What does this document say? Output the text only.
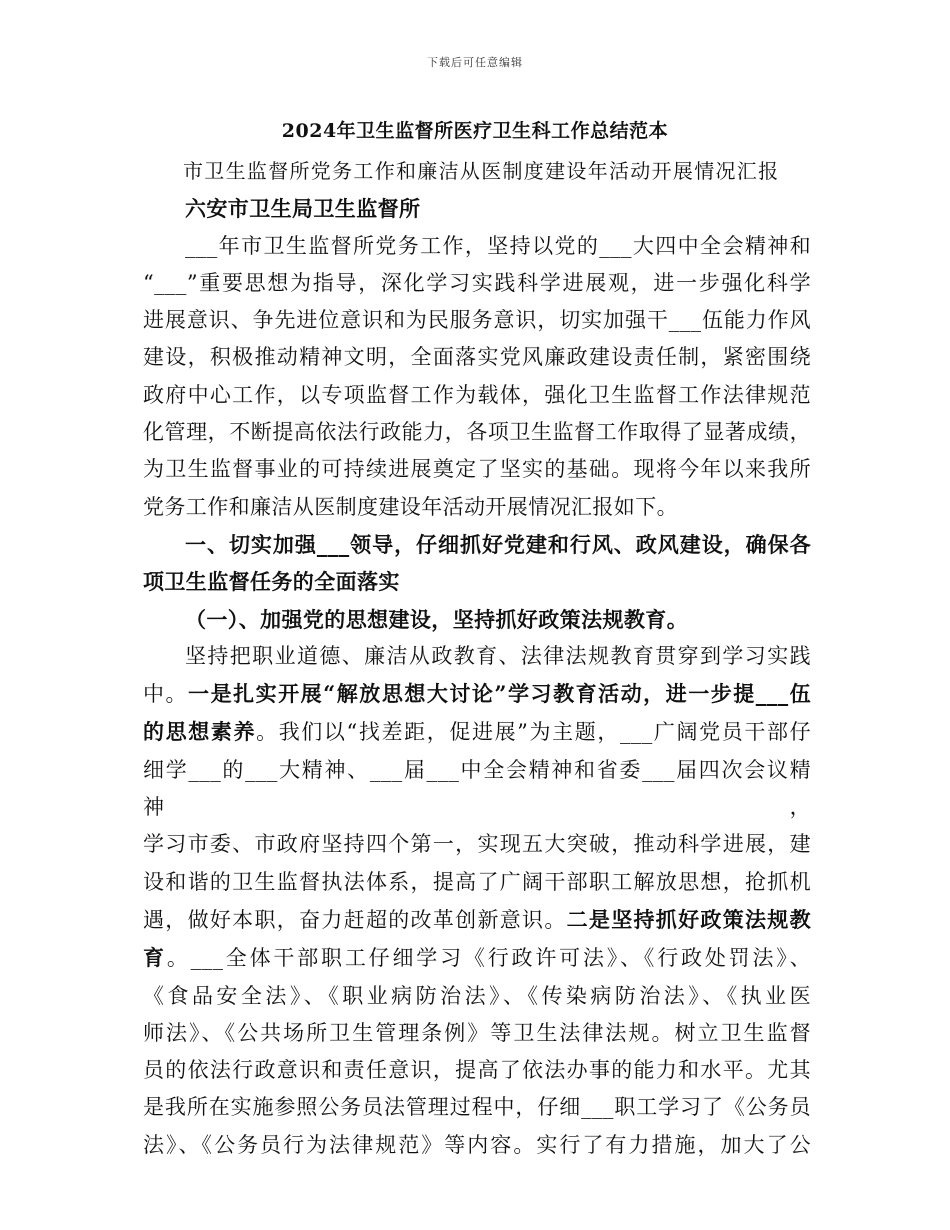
下载后可任意编辑
2024年卫生监督所医疗卫生科工作总结范本

市卫生监督所党务工作和廉洁从医制度建设年活动开展情况汇报

六安市卫生局卫生监督所

___年市卫生监督所党务工作，坚持以党的___大四中全会精神和

“___”重要思想为指导，深化学习实践科学进展观，进一步强化科学

进展意识、争先进位意识和为民服务意识，切实加强干___伍能力作风

建设，积极推动精神文明，全面落实党风廉政建设责任制，紧密围绕

政府中心工作，以专项监督工作为载体，强化卫生监督工作法律规范

化管理，不断提高依法行政能力，各项卫生监督工作取得了显著成绩，

为卫生监督事业的可持续进展奠定了坚实的基础。现将今年以来我所

党务工作和廉洁从医制度建设年活动开展情况汇报如下。

一、切实加强___领导，仔细抓好党建和行风、政风建设，确保各

项卫生监督任务的全面落实

（一）、加强党的思想建设，坚持抓好政策法规教育。

坚持把职业道德、廉洁从政教育、法律法规教育贯穿到学习实践

中。一是扎实开展“解放思想大讨论”学习教育活动，进一步提___伍

的思想素养。我们以“找差距，促进展”为主题，___广阔党员干部仔

细学___的___大精神、___届___中全会精神和省委___届四次会议精神，

学习市委、市政府坚持四个第一，实现五大突破，推动科学进展，建

设和谐的卫生监督执法体系，提高了广阔干部职工解放思想，抢抓机

遇，做好本职，奋力赶超的改革创新意识。二是坚持抓好政策法规教

育。___全体干部职工仔细学习《行政许可法》、《行政处罚法》、

《食品安全法》、《职业病防治法》、《传染病防治法》、《执业医

师法》、《公共场所卫生管理条例》等卫生法律法规。树立卫生监督

员的依法行政意识和责任意识，提高了依法办事的能力和水平。尤其

是我所在实施参照公务员法管理过程中，仔细___职工学习了《公务员

法》、《公务员行为法律规范》等内容。实行了有力措施，加大了公
